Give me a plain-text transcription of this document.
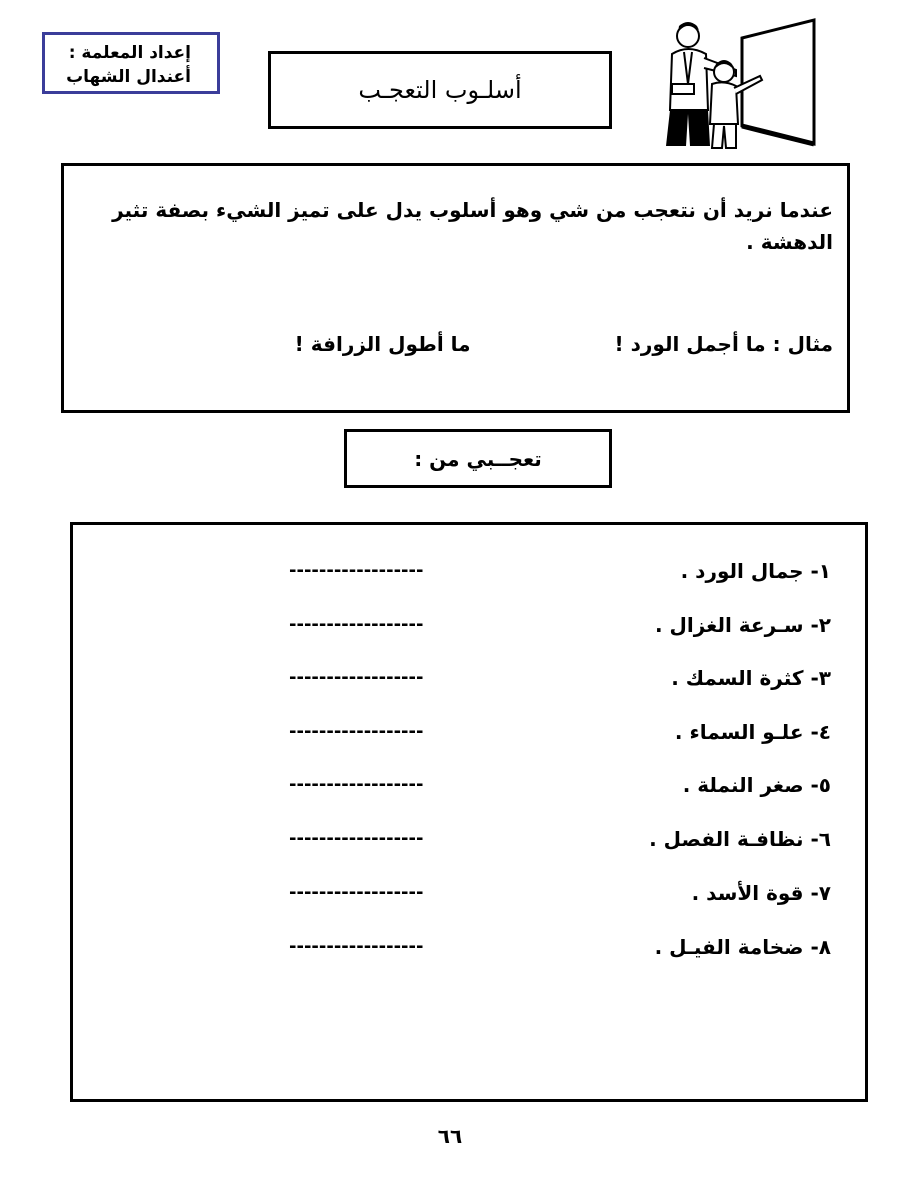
إعداد المعلمة :
أعندال الشهاب	أسلـوب التعجـب
عندما نريد أن نتعجب من شي وهو أسلوب يدل على تميز الشيء بصفة تثير الدهشة .
مثال : ما أجمل الورد !
ما أطول الزرافة !
تعجــبي من :
١- جمال الورد .
------------------
٢- سـرعة الغزال .
------------------
٣- كثرة السمك .
------------------
٤- علـو السماء .
------------------
٥- صغر النملة .
------------------
٦- نظافـة الفصل .
------------------
٧- قوة الأسد .
------------------
٨- ضخامة الفيـل .
------------------
٦٦
